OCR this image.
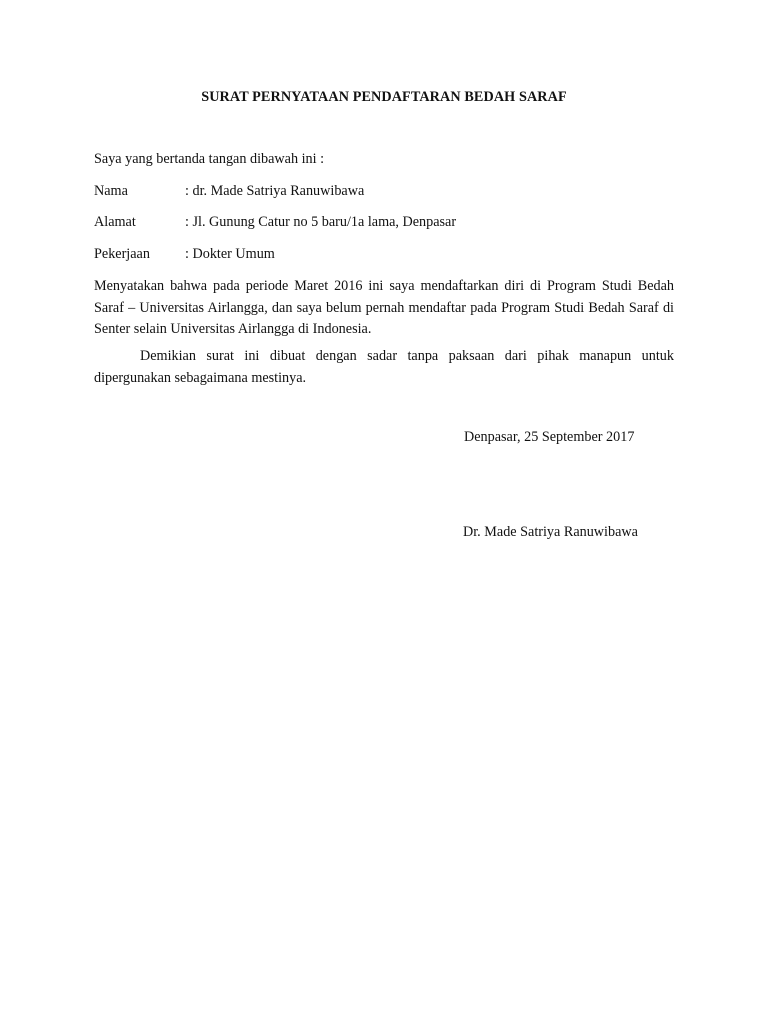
SURAT PERNYATAAN PENDAFTARAN BEDAH SARAF
Saya yang bertanda tangan dibawah ini :
Nama	: dr. Made Satriya Ranuwibawa
Alamat	: Jl. Gunung Catur no 5 baru/1a lama, Denpasar
Pekerjaan : Dokter Umum
Menyatakan bahwa pada periode Maret 2016 ini saya mendaftarkan diri di Program Studi Bedah Saraf – Universitas Airlangga, dan saya belum pernah mendaftar pada Program Studi Bedah Saraf di Senter selain Universitas Airlangga di Indonesia.
Demikian surat ini dibuat dengan sadar tanpa paksaan dari pihak manapun untuk dipergunakan sebagaimana mestinya.
Denpasar, 25 September 2017
Dr. Made Satriya Ranuwibawa
